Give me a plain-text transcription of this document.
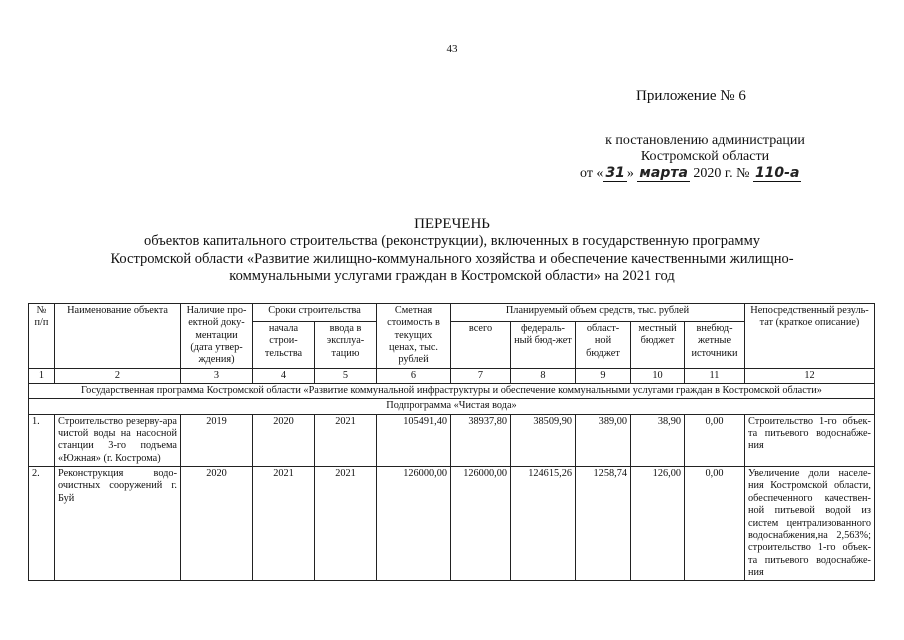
43
Приложение № 6
к постановлению администрации
Костромской области
от « 31 » марта 2020 г. № 110-а
ПЕРЕЧЕНЬ
объектов капитального строительства (реконструкции), включенных в государственную программу
Костромской области «Развитие жилищно-коммунального хозяйства и обеспечение качественными жилищно-
коммунальными услугами граждан в Костромской области» на 2021 год
№ п/п	Наименование объекта	Наличие про-ектной доку-ментации (дата утвер-ждения)	Сроки строительства		Сметная стоимость в текущих ценах, тыс. рублей	Планируемый объем средств, тыс. рублей					Непосредственный резуль-тат (краткое описание)
			начала строи-тельства	ввода в эксплуа-тацию		всего	федераль-ный бюд-жет	област-ной бюджет	местный бюджет	внебюд-жетные источники	
1	2	3	4	5	6	7	8	9	10	11	12
Государственная программа Костромской области «Развитие коммунальной инфраструктуры и обеспечение коммунальными услугами граждан в Костромской области»											
Подпрограмма «Чистая вода»											
1.	Строительство резерву-ара чистой воды на насосной станции 3-го подъема «Южная» (г. Кострома)	2019	2020	2021	105491,40	38937,80	38509,90	389,00	38,90	0,00	Строительство 1-го объек-та питьевого водоснабже-ния
2.	Реконструкция водо-очистных сооружений г. Буй	2020	2021	2021	126000,00	126000,00	124615,26	1258,74	126,00	0,00	Увеличение доли населе-ния Костромской области, обеспеченного качествен-ной питьевой водой из систем централизованного водоснабжения,на 2,563%; строительство 1-го объек-та питьевого водоснабже-ния
